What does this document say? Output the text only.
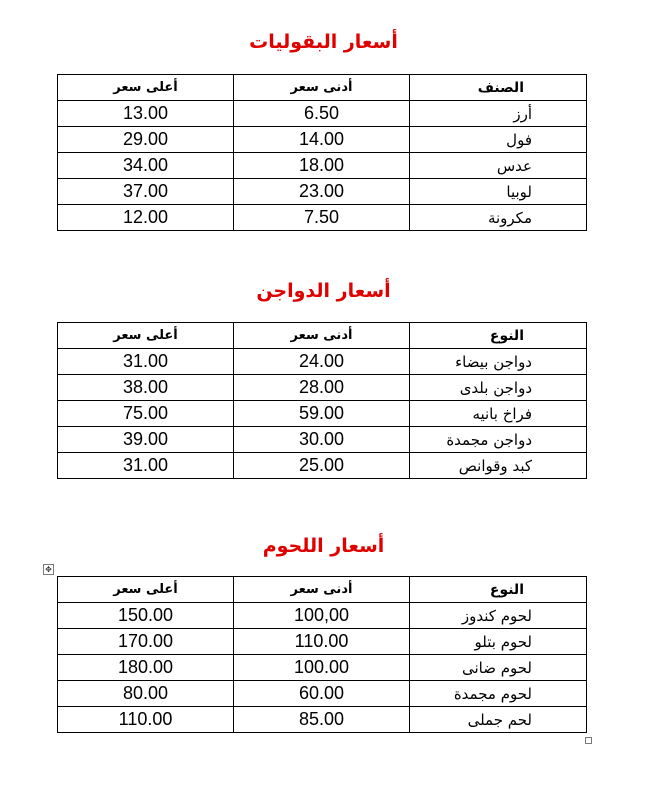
أسعار البقوليات
أعلى سعر	أدنى سعر	الصنف
13.00	6.50	أرز
29.00	14.00	فول
34.00	18.00	عدس
37.00	23.00	لوبيا
12.00	7.50	مكرونة
أسعار الدواجن
أعلى سعر	أدنى سعر	النوع
31.00	24.00	دواجن بيضاء
38.00	28.00	دواجن بلدى
75.00	59.00	فراخ بانيه
39.00	30.00	دواجن مجمدة
31.00	25.00	كبد وقوانص
أسعار اللحوم
✥
أعلى سعر	أدنى سعر	النوع
150.00	100,00	لحوم كندوز
170.00	110.00	لحوم بتلو
180.00	100.00	لحوم ضانى
80.00	60.00	لحوم مجمدة
110.00	85.00	لحم جملى
